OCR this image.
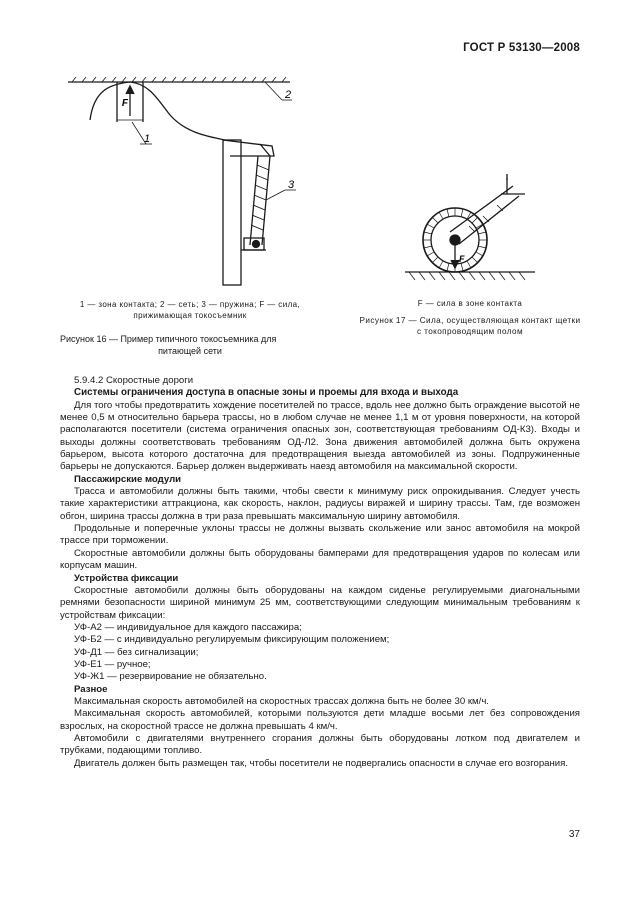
ГОСТ Р 53130—2008
F
1
2
3
1 — зона контакта; 2 — сеть; 3 — пружина; F — сила,
прижимающая токосъемник
Рисунок 16 — Пример типичного токосъемника для
питающей сети
F
F — сила в зоне контакта
Рисунок 17 — Сила, осуществляющая контакт щетки
с токопроводящим полом

5.9.4.2 Скоростные дороги

Системы ограничения доступа в опасные зоны и проемы для входа и выхода

Для того чтобы предотвратить хождение посетителей по трассе, вдоль нее должно быть ограждение высотой не менее 0,5 м относительно барьера трассы, но в любом случае не менее 1,1 м от уровня поверхности, на которой располагаются посетители (система ограничения опасных зон, соответствующая требованиям ОД-К3). Входы и выходы должны соответствовать требованиям ОД-Л2. Зона движения автомобилей должна быть окружена барьером, высота которого достаточна для предотвращения выезда автомобилей из зоны. Подпружиненные барьеры не допускаются. Барьер должен выдерживать наезд автомобиля на максимальной скорости.

Пассажирские модули

Трасса и автомобили должны быть такими, чтобы свести к минимуму риск опрокидывания. Следует учесть такие характеристики аттракциона, как скорость, наклон, радиусы виражей и ширину трассы. Там, где возможен обгон, ширина трассы должна в три раза превышать максимальную ширину автомобиля.

Продольные и поперечные уклоны трассы не должны вызвать скольжение или занос автомобиля на мокрой трассе при торможении.

Скоростные автомобили должны быть оборудованы бамперами для предотвращения ударов по колесам или корпусам машин.

Устройства фиксации

Скоростные автомобили должны быть оборудованы на каждом сиденье регулируемыми диагональными ремнями безопасности шириной минимум 25 мм, соответствующими следующим минимальным требованиям к устройствам фиксации:

УФ-А2 — индивидуальное для каждого пассажира;

УФ-Б2 — с индивидуально регулируемым фиксирующим положением;

УФ-Д1 — без сигнализации;

УФ-Е1 — ручное;

УФ-Ж1 — резервирование не обязательно.

Разное

Максимальная скорость автомобилей на скоростных трассах должна быть не более 30 км/ч.

Максимальная скорость автомобилей, которыми пользуются дети младше восьми лет без сопровождения взрослых, на скоростной трассе не должна превышать 4 км/ч.

Автомобили с двигателями внутреннего сгорания должны быть оборудованы лотком под двигателем и трубками, подающими топливо.

Двигатель должен быть размещен так, чтобы посетители не подвергались опасности в случае его возгорания.

37
